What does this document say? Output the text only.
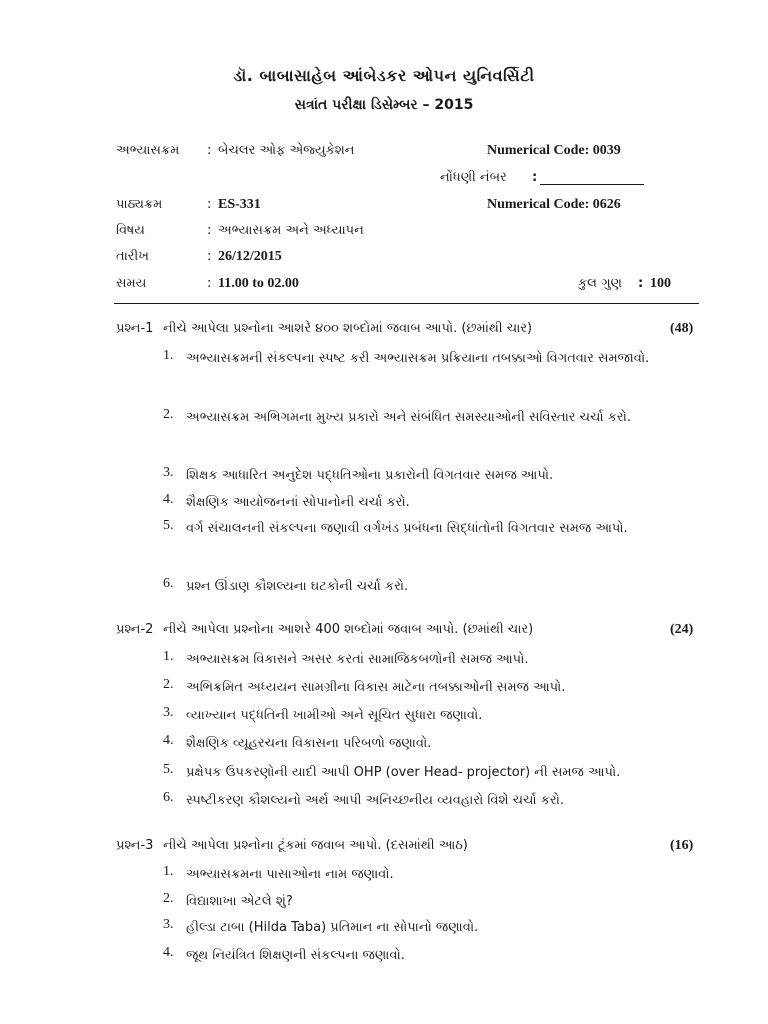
ડૉ. બાબાસાહેબ આંબેડકર ઓપન યુનિવર્સિટી
સત્રાંત પરીક્ષા ડિસેમ્બર – 2015
અભ્યાસક્રમ : બેચલર ઓફ એજ્યુકેશન	Numerical Code: 0039
નોંધણી નંબર :
પાઠ્યક્રમ	: ES-331	Numerical Code: 0626
વિષય	: અભ્યાસક્રમ અને અધ્યાપન
તારીખ	: 26/12/2015
સમય	: 11.00 to 02.00	કુલ ગુણ : 100
પ્રશ્ન-1 નીચે આપેલા પ્રશ્નોના આશરે ૪૦૦ શબ્દોમાં જવાબ આપો. (છમાંથી ચાર)	(48)
1. અભ્યાસક્રમની સંકલ્પના સ્પષ્ટ કરી અભ્યાસક્રમ પ્રક્રિયાના તબક્કાઓ વિગતવાર સમજાવો.
2. અભ્યાસક્રમ અભિગમના મુખ્ય પ્રકારો અને સંબંધિત સમસ્યાઓની સવિસ્તાર ચર્ચા કરો.
3. શિક્ષક આધારિત અનુદેશ પદ્ધતિઓના પ્રકારોની વિગતવાર સમજ આપો.
4. શૈક્ષણિક આયોજનનાં સોપાનોની ચર્ચા કરો.
5. વર્ગ સંચાલનની સંકલ્પના જણાવી વર્ગખંડ પ્રબંધના સિદ્ધાંતોની વિગતવાર સમજ આપો.
6. પ્રશ્ન ઊંડાણ કૌશલ્યના ઘટકોની ચર્ચા કરો.
પ્રશ્ન-2 નીચે આપેલા પ્રશ્નોના આશરે 400 શબ્દોમાં જવાબ આપો. (છમાંથી ચાર)	(24)
1. અભ્યાસક્રમ વિકાસને અસર કરતાં સામાજિકબળોની સમજ આપો.
2. અભિક્રમિત અધ્યયન સામગ્રીના વિકાસ માટેના તબક્કાઓની સમજ આપો.
3. વ્યાખ્યાન પદ્ધતિની ખામીઓ અને સૂચિત સુધારા જણાવો.
4. શૈક્ષણિક વ્યૂહરચના વિકાસના પરિબળો જણાવો.
5. પ્રક્ષેપક ઉપકરણોની યાદી આપી OHP (over Head- projector) ની સમજ આપો.
6. સ્પષ્ટીકરણ કૌશલ્યનો અર્થ આપી અનિચ્છનીય વ્યવહારો વિશે ચર્ચા કરો.
પ્રશ્ન-3 નીચે આપેલા પ્રશ્નોના ટૂંકમાં જવાબ આપો. (દસમાંથી આઠ)	(16)
1. અભ્યાસક્રમના પાસાઓના નામ જણાવો.
2. વિદ્યાશાખા એટલે શું?
3. હીલ્ડા ટાબા (Hilda Taba) પ્રતિમાન ના સોપાનો જણાવો.
4. જૂથ નિયંત્રિત શિક્ષણની સંકલ્પના જણાવો.
